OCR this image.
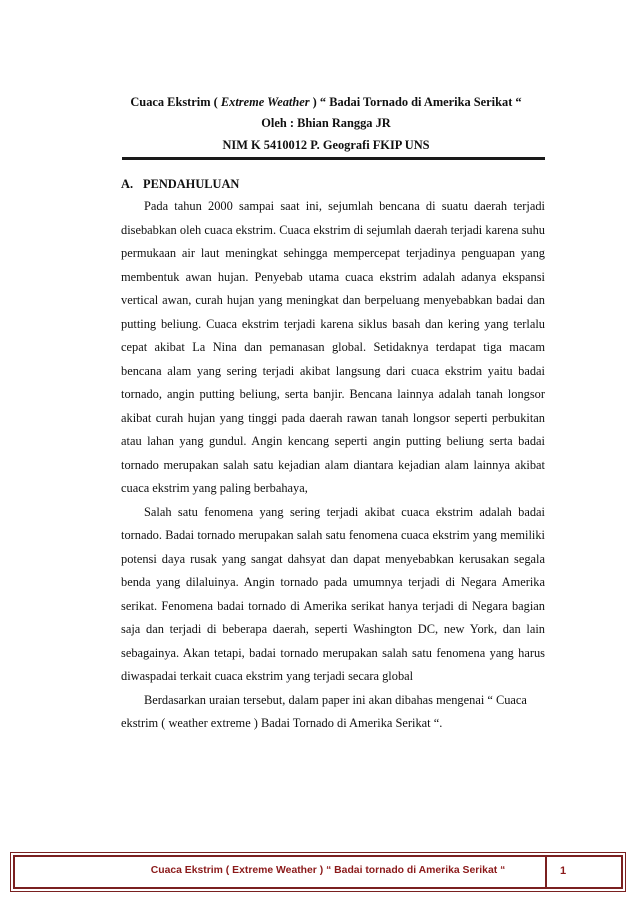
Cuaca Ekstrim ( Extreme Weather ) “ Badai Tornado di Amerika Serikat “
Oleh : Bhian Rangga JR
NIM K 5410012 P. Geografi FKIP UNS
A. PENDAHULUAN

Pada tahun 2000 sampai saat ini, sejumlah bencana di suatu daerah terjadi disebabkan oleh cuaca ekstrim. Cuaca ekstrim di sejumlah daerah terjadi karena suhu permukaan air laut meningkat sehingga mempercepat terjadinya penguapan yang membentuk awan hujan. Penyebab utama cuaca ekstrim adalah adanya ekspansi vertical awan, curah hujan yang meningkat dan berpeluang menyebabkan badai dan putting beliung. Cuaca ekstrim terjadi karena siklus basah dan kering yang terlalu cepat akibat La Nina dan pemanasan global. Setidaknya terdapat tiga macam bencana alam yang sering terjadi akibat langsung dari cuaca ekstrim yaitu badai tornado, angin putting beliung, serta banjir. Bencana lainnya adalah tanah longsor akibat curah hujan yang tinggi pada daerah rawan tanah longsor seperti perbukitan atau lahan yang gundul. Angin kencang seperti angin putting beliung serta badai tornado merupakan salah satu kejadian alam diantara kejadian alam lainnya akibat cuaca ekstrim yang paling berbahaya,

Salah satu fenomena yang sering terjadi akibat cuaca ekstrim adalah badai tornado. Badai tornado merupakan salah satu fenomena cuaca ekstrim yang memiliki potensi daya rusak yang sangat dahsyat dan dapat menyebabkan kerusakan segala benda yang dilaluinya. Angin tornado pada umumnya terjadi di Negara Amerika serikat. Fenomena badai tornado di Amerika serikat hanya terjadi di Negara bagian saja dan terjadi di beberapa daerah, seperti Washington DC, new York, dan lain sebagainya. Akan tetapi, badai tornado merupakan salah satu fenomena yang harus diwaspadai terkait cuaca ekstrim yang terjadi secara global

Berdasarkan uraian tersebut, dalam paper ini akan dibahas mengenai “ Cuaca ekstrim ( weather extreme ) Badai Tornado di Amerika Serikat “.

Cuaca Ekstrim ( Extreme Weather ) “ Badai tornado di Amerika Serikat “	1
